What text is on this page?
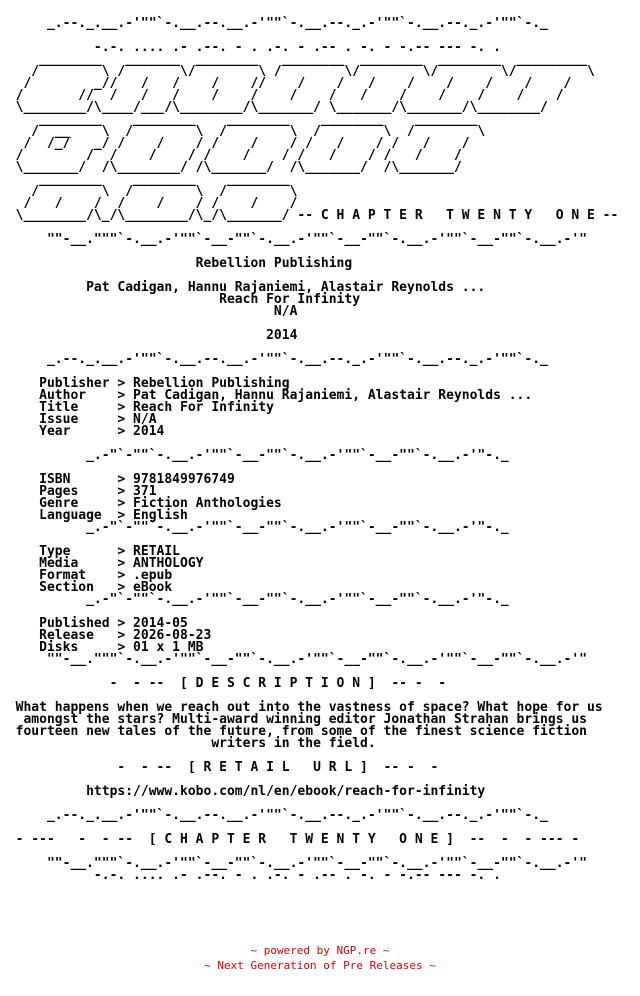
_.--._.__.-'""`-.__.--.__.-'""`-.__.--._.-'""`-.__.--._.-'""`-._

-.-. .... .- .--. - . .-. - .-- . -. - -.-- --- -. .
________   _______  ________   ________  ________  ________  _________
/        \ /       \/        \ /        \/        \/        \/         \
/        _//   /   /    /    //    /    /   /    /    /    /    /    /
/       //  /   /   /    /    /    /    /   /    /    /    /    /    /
\________/\____/___/\________/\_______/ \_______/\_______/\________/
________    ________    ________    ________    ________
/  __    \  /        \  /        \  /        \  /        \
/  /_/   _/ /    /    / /    /    / /   /    / /   /    /
/        /  /    /    / /    /    / /   /    / /   /    /
\_______/  /\________/ /\_______/  /\_______/  /\_______/
________    ________    ________
/        \  /        \  /        \
/   /    /  /    /    / /    /    /
\________/\_/\________/\_/\_______/ -- C H A P T E R   T W E N T Y   O N E --

""-__."""`-.__.-'""`-__-""`-.__.-'""`-__-""`-.__.-'""`-__-""`-.__.-'"

Rebellion Publishing

Pat Cadigan, Hannu Rajaniemi, Alastair Reynolds ...
Reach For Infinity
N/A

2014

_.--._.__.-'""`-.__.--.__.-'""`-.__.--._.-'""`-.__.--._.-'""`-._

Publisher > Rebellion Publishing
Author    > Pat Cadigan, Hannu Rajaniemi, Alastair Reynolds ...
Title     > Reach For Infinity
Issue     > N/A
Year      > 2014

_.-"`-""`-.__.-'""`-__-""`-.__.-'""`-__-""`-.__.-'"-._

ISBN      > 9781849976749
Pages     > 371
Genre     > Fiction Anthologies
Language  > English
_.-"`-""`-.__.-'""`-__-""`-.__.-'""`-__-""`-.__.-'"-._

Type      > RETAIL
Media     > ANTHOLOGY
Format    > .epub
Section   > eBook
_.-"`-""`-.__.-'""`-__-""`-.__.-'""`-__-""`-.__.-'"-._

Published > 2014-05
Release   > 2026-08-23
Disks     > 01 x 1 MB
""-__."""`-.__.-'""`-__-""`-.__.-'""`-__-""`-.__.-'""`-__-""`-.__.-'"

-  - --  [ D E S C R I P T I O N ]  -- -  -

What happens when we reach out into the vastness of space? What hope for us
amongst the stars? Multi-award winning editor Jonathan Strahan brings us
fourteen new tales of the future, from some of the finest science fiction
writers in the field.

-  - --  [ R E T A I L   U R L ]  -- -  -

https://www.kobo.com/nl/en/ebook/reach-for-infinity

_.--._.__.-'""`-.__.--.__.-'""`-.__.--._.-'""`-.__.--._.-'""`-._

- ---   -  - --  [ C H A P T E R   T W E N T Y   O N E ]  --  -  - --- -

""-__."""`-.__.-'""`-__-""`-.__.-'""`-__-""`-.__.-'""`-__-""`-.__.-'"
-.-. .... .- .--. - . .-. - .-- . -. - -.-- --- -. .
~ powered by NGP.re ~
~ Next Generation of Pre Releases ~
